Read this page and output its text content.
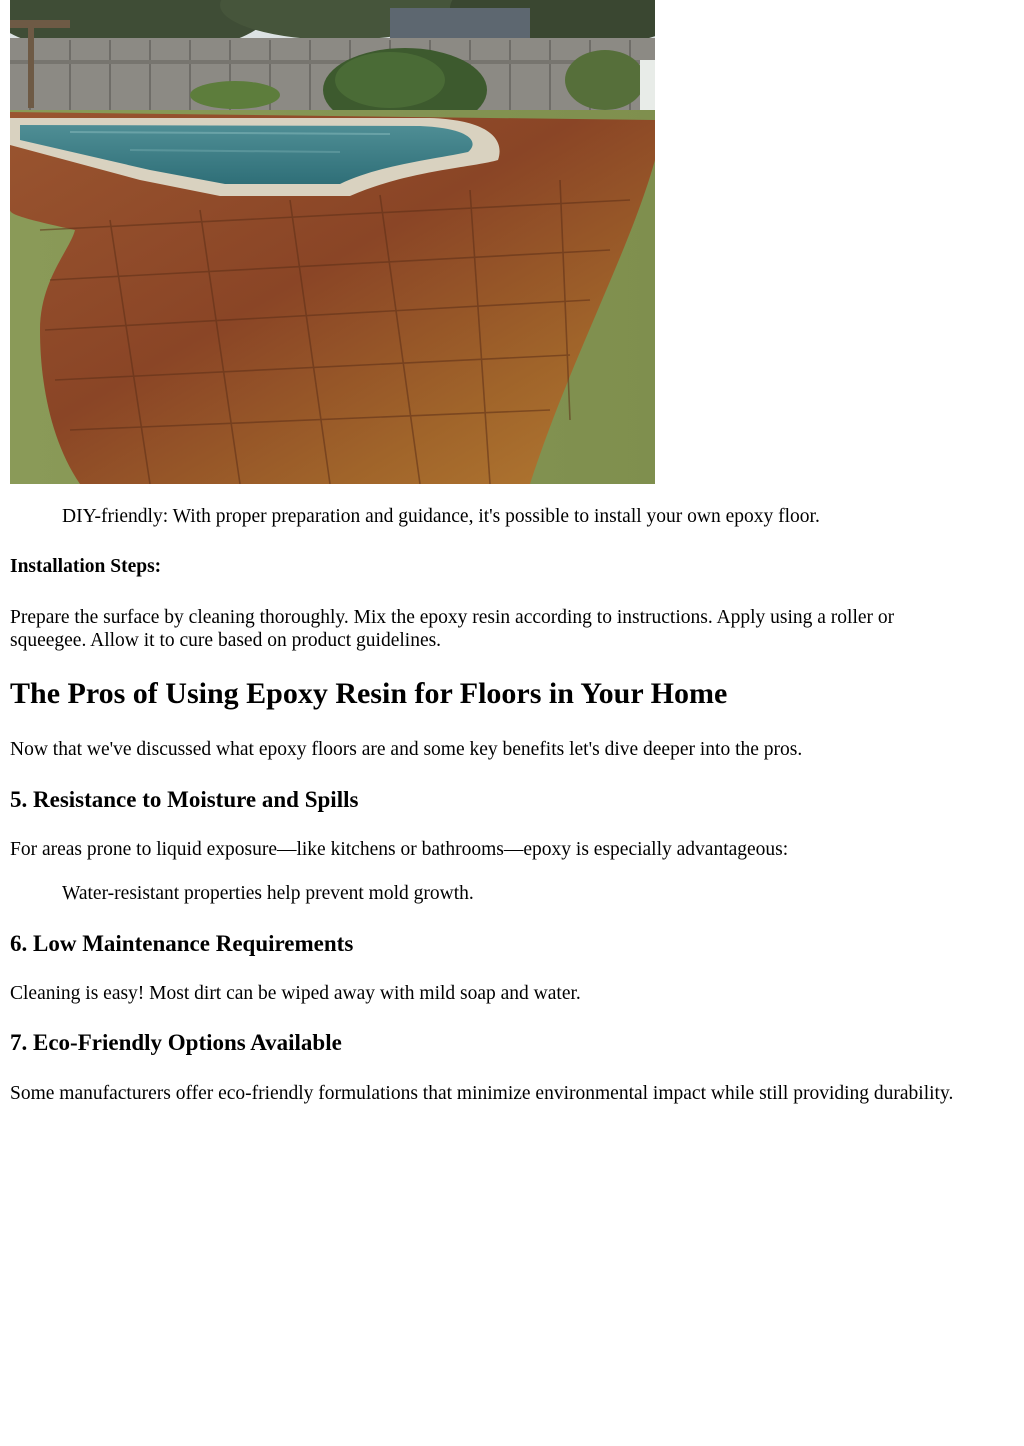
DIY-friendly: With proper preparation and guidance, it's possible to install your own epoxy floor.

Installation Steps:

Prepare the surface by cleaning thoroughly. Mix the epoxy resin according to instructions. Apply using a roller or squeegee. Allow it to cure based on product guidelines.

The Pros of Using Epoxy Resin for Floors in Your Home

Now that we've discussed what epoxy floors are and some key benefits let's dive deeper into the pros.

5. Resistance to Moisture and Spills

For areas prone to liquid exposure—like kitchens or bathrooms—epoxy is especially advantageous:

Water-resistant properties help prevent mold growth.

6. Low Maintenance Requirements

Cleaning is easy! Most dirt can be wiped away with mild soap and water.

7. Eco-Friendly Options Available

Some manufacturers offer eco-friendly formulations that minimize environmental impact while still providing durability.
